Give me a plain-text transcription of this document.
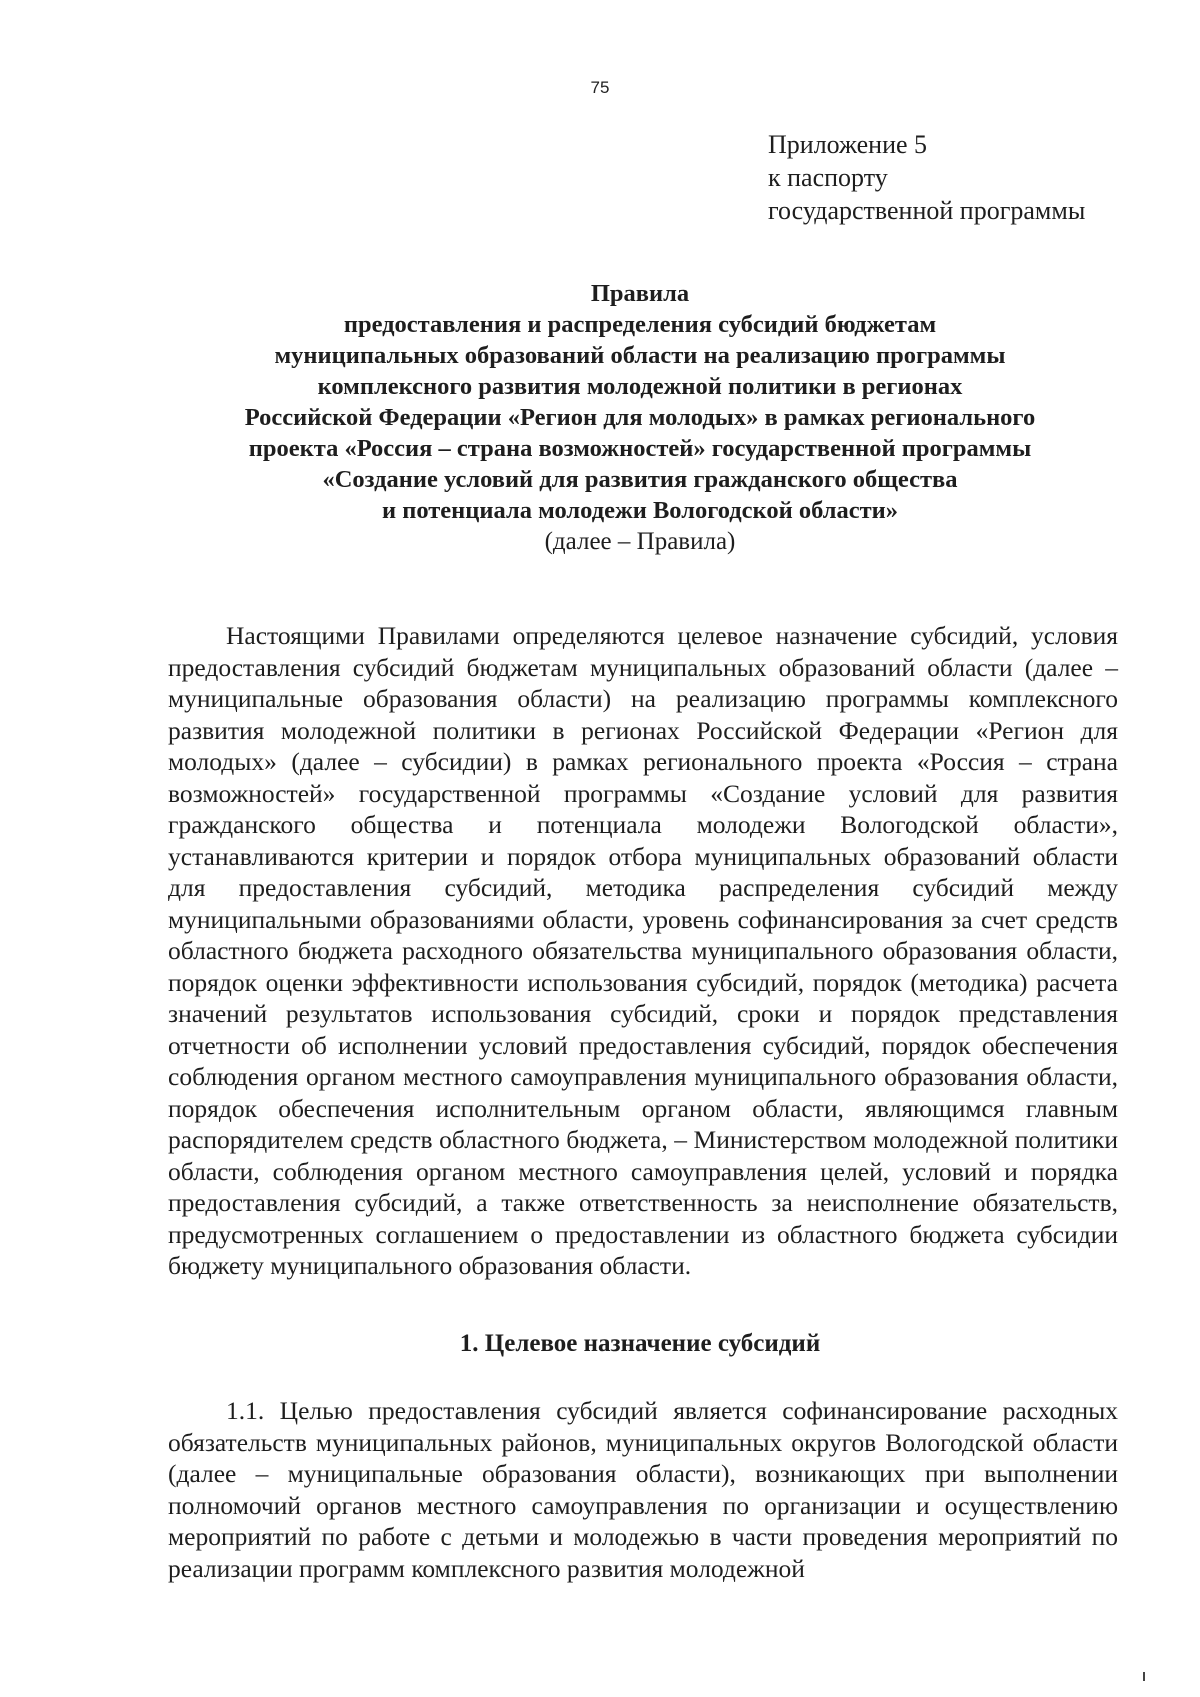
75
Приложение 5
к паспорту
государственной программы
Правила
предоставления и распределения субсидий бюджетам
муниципальных образований области на реализацию программы
комплексного развития молодежной политики в регионах
Российской Федерации «Регион для молодых» в рамках регионального
проекта «Россия – страна возможностей» государственной программы
«Создание условий для развития гражданского общества
и потенциала молодежи Вологодской области»
(далее – Правила)
Настоящими Правилами определяются целевое назначение субсидий, условия предоставления субсидий бюджетам муниципальных образований области (далее – муниципальные образования области) на реализацию программы комплексного развития молодежной политики в регионах Российской Федерации «Регион для молодых» (далее – субсидии) в рамках регионального проекта «Россия – страна возможностей» государственной программы «Создание условий для развития гражданского общества и потенциала молодежи Вологодской области», устанавливаются критерии и порядок отбора муниципальных образований области для предоставления субсидий, методика распределения субсидий между муниципальными образованиями области, уровень софинансирования за счет средств областного бюджета расходного обязательства муниципального образования области, порядок оценки эффективности использования субсидий, порядок (методика) расчета значений результатов использования субсидий, сроки и порядок представления отчетности об исполнении условий предоставления субсидий, порядок обеспечения соблюдения органом местного самоуправления муниципального образования области, порядок обеспечения исполнительным органом области, являющимся главным распорядителем средств областного бюджета, – Министерством молодежной политики области, соблюдения органом местного самоуправления целей, условий и порядка предоставления субсидий, а также ответственность за неисполнение обязательств, предусмотренных соглашением о предоставлении из областного бюджета субсидии бюджету муниципального образования области.
1. Целевое назначение субсидий
1.1. Целью предоставления субсидий является софинансирование расходных обязательств муниципальных районов, муниципальных округов Вологодской области (далее – муниципальные образования области), возникающих при выполнении полномочий органов местного самоуправления по организации и осуществлению мероприятий по работе с детьми и молодежью в части проведения мероприятий по реализации программ комплексного развития молодежной
